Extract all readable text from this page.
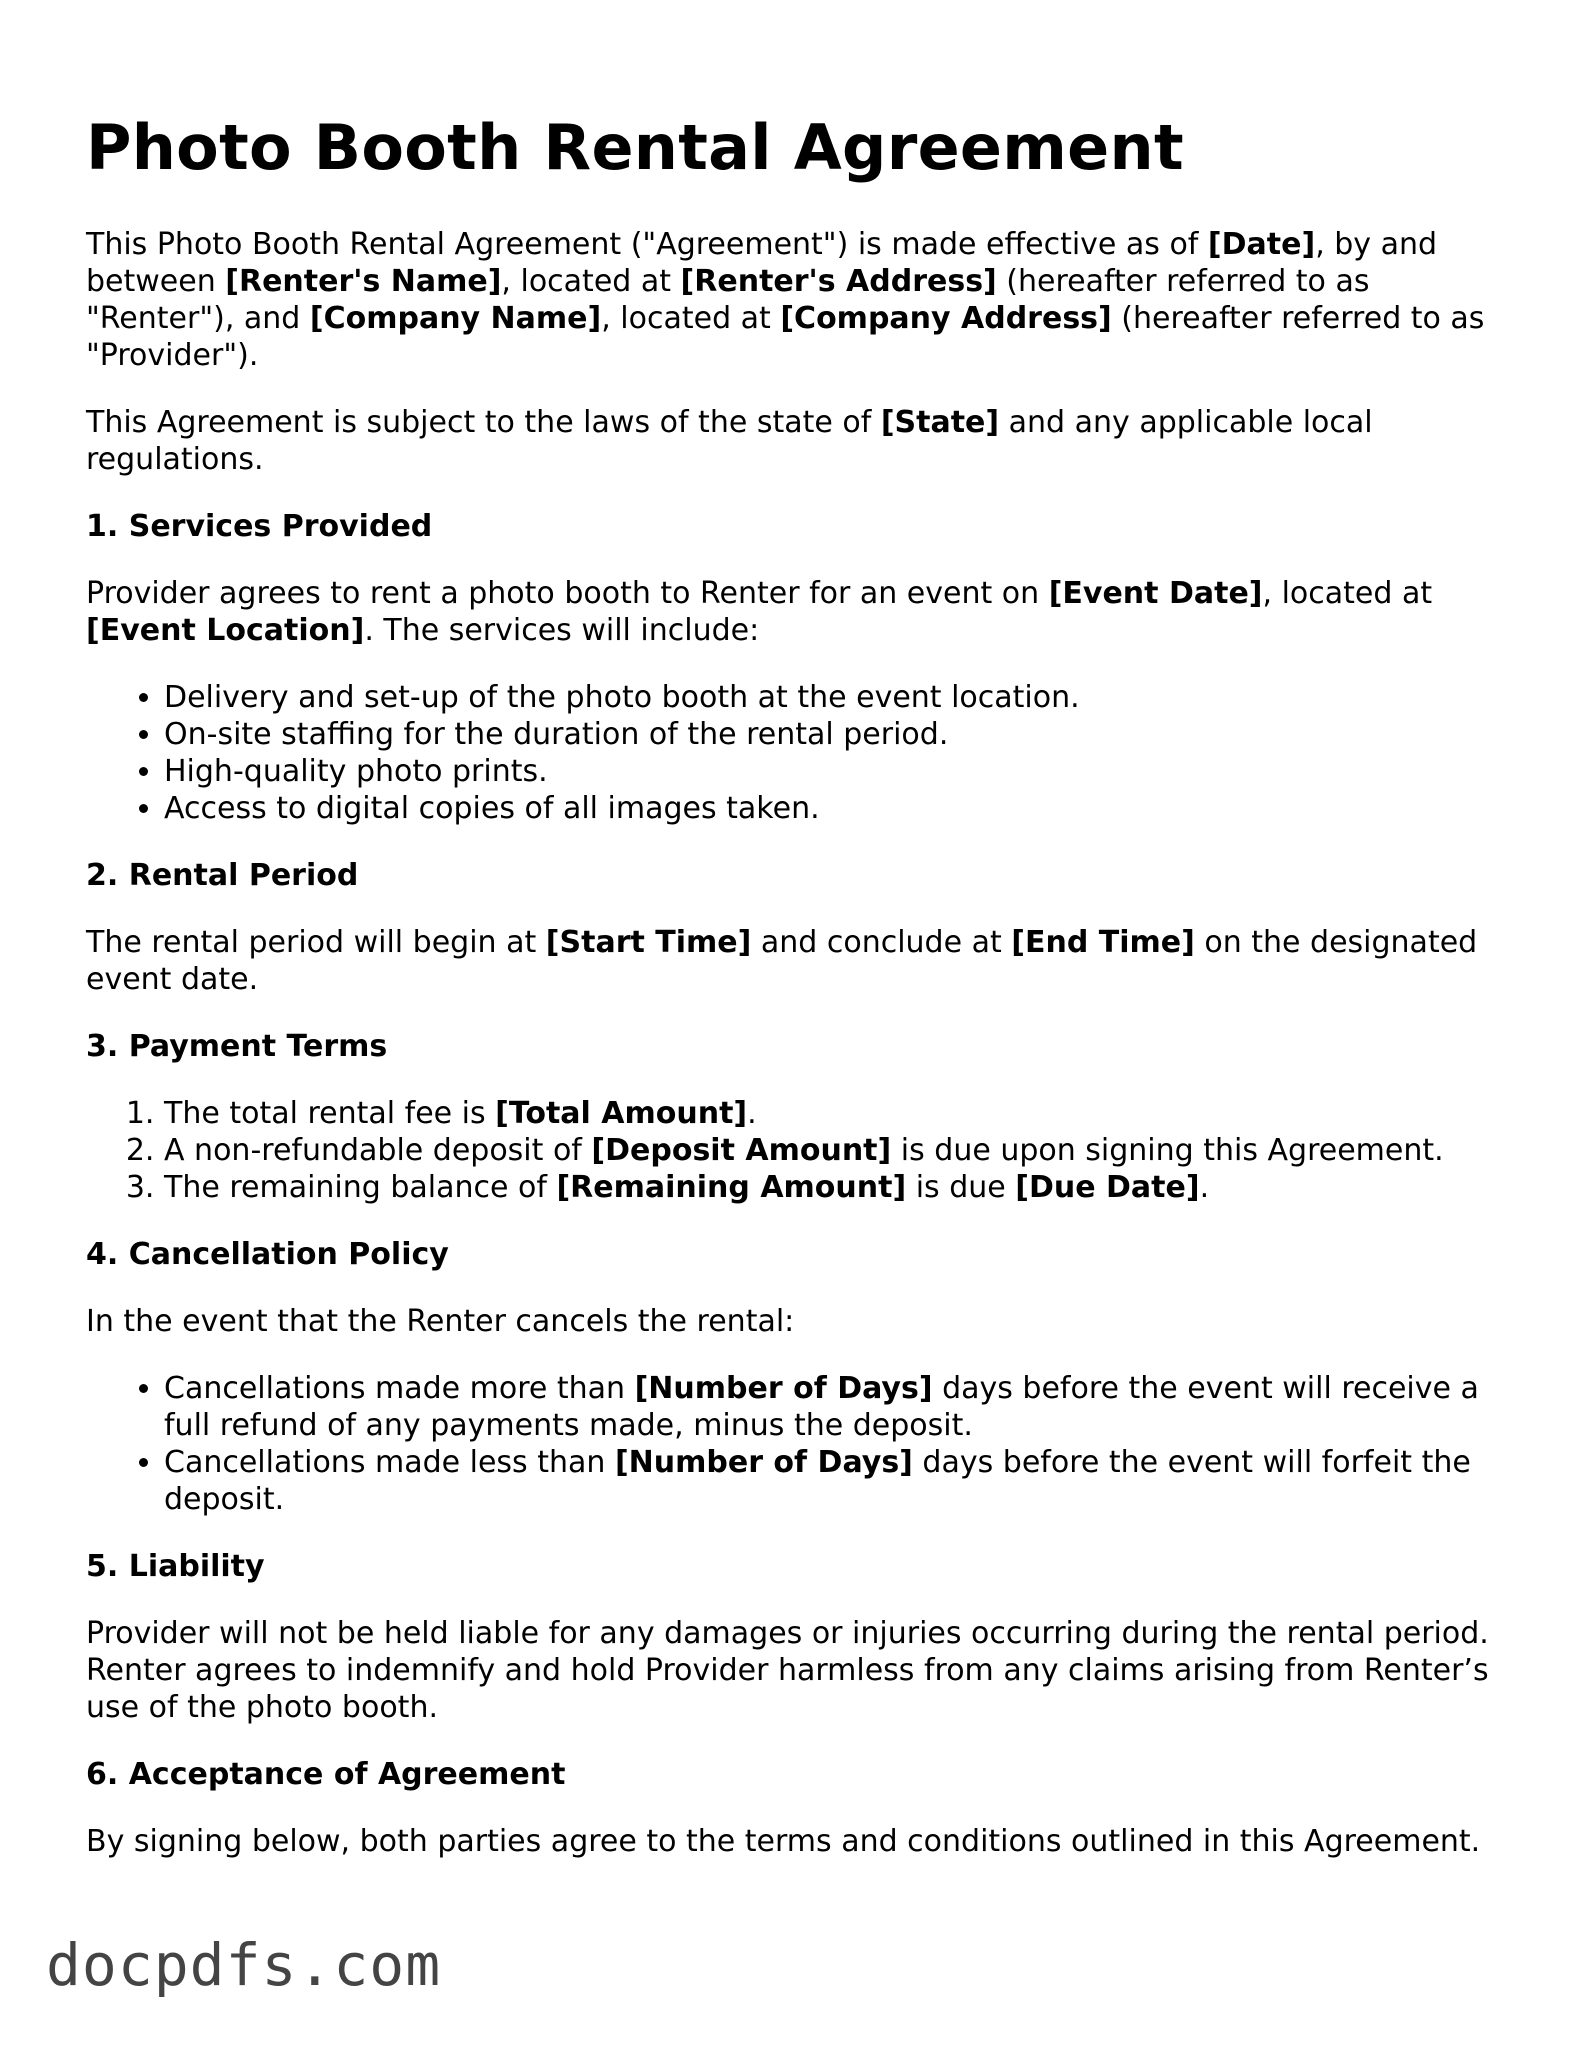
Photo Booth Rental Agreement

This Photo Booth Rental Agreement ("Agreement") is made effective as of [Date], by and between [Renter's Name], located at [Renter's Address] (hereafter referred to as "Renter"), and [Company Name], located at [Company Address] (hereafter referred to as "Provider").

This Agreement is subject to the laws of the state of [State] and any applicable local regulations.

1. Services Provided

Provider agrees to rent a photo booth to Renter for an event on [Event Date], located at [Event Location]. The services will include:

• Delivery and set-up of the photo booth at the event location.
• On-site staffing for the duration of the rental period.
• High-quality photo prints.
• Access to digital copies of all images taken.
2. Rental Period

The rental period will begin at [Start Time] and conclude at [End Time] on the designated event date.

3. Payment Terms
1. The total rental fee is [Total Amount].
2. A non-refundable deposit of [Deposit Amount] is due upon signing this Agreement.
3. The remaining balance of [Remaining Amount] is due [Due Date].
4. Cancellation Policy

In the event that the Renter cancels the rental:

• Cancellations made more than [Number of Days] days before the event will receive a full refund of any payments made, minus the deposit.
• Cancellations made less than [Number of Days] days before the event will forfeit the deposit.
5. Liability

Provider will not be held liable for any damages or injuries occurring during the rental period. Renter agrees to indemnify and hold Provider harmless from any claims arising from Renter’s use of the photo booth.

6. Acceptance of Agreement

By signing below, both parties agree to the terms and conditions outlined in this Agreement.

docpdfs.com
